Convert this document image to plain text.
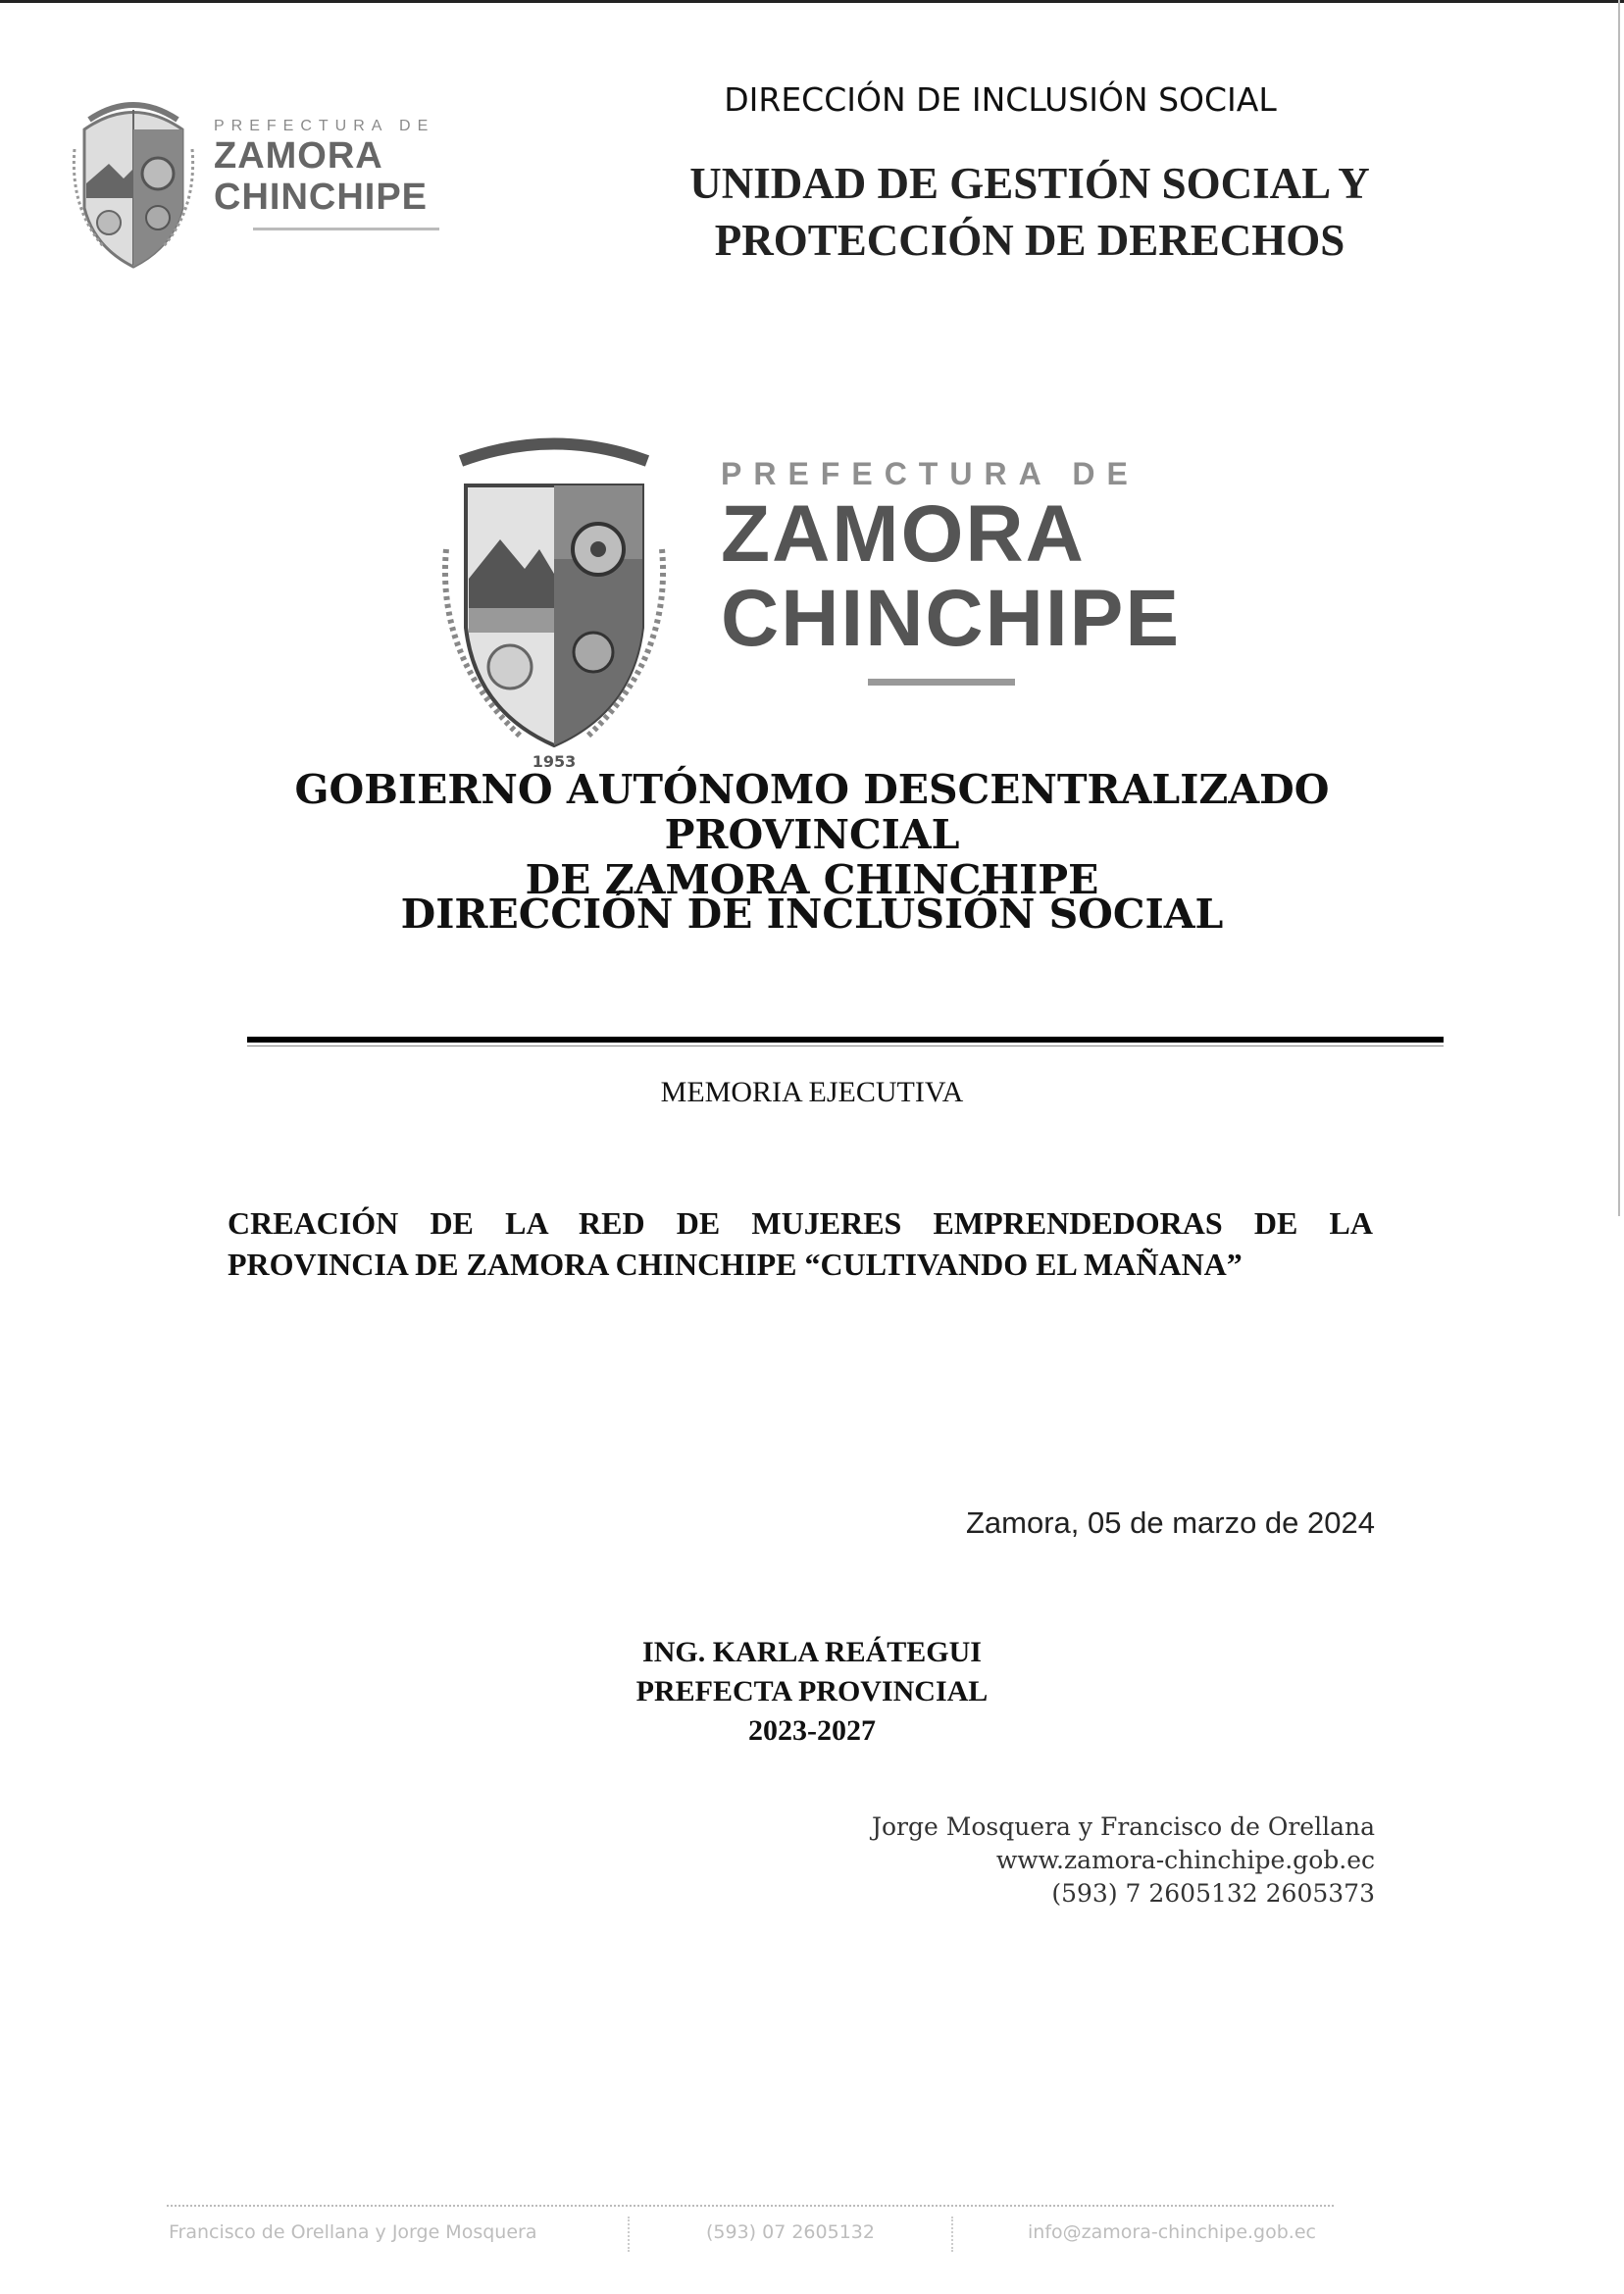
PREFECTURA DE
ZAMORA
CHINCHIPE
DIRECCIÓN DE INCLUSIÓN SOCIAL
UNIDAD DE GESTIÓN SOCIAL Y
PROTECCIÓN DE DERECHOS
1953
PREFECTURA DE
ZAMORA
CHINCHIPE
GOBIERNO AUTÓNOMO DESCENTRALIZADO PROVINCIAL
DE ZAMORA CHINCHIPE
DIRECCIÓN DE INCLUSIÓN SOCIAL
MEMORIA EJECUTIVA
CREACIÓN DE LA RED DE MUJERES EMPRENDEDORAS DE LA
PROVINCIA DE ZAMORA CHINCHIPE “CULTIVANDO EL MAÑANA”
Zamora, 05 de marzo de 2024
ING. KARLA REÁTEGUI
PREFECTA PROVINCIAL
2023-2027
Jorge Mosquera y Francisco de Orellana
www.zamora-chinchipe.gob.ec
(593) 7 2605132 2605373
Francisco de Orellana y Jorge Mosquera	(593) 07 2605132	info@zamora-chinchipe.gob.ec
